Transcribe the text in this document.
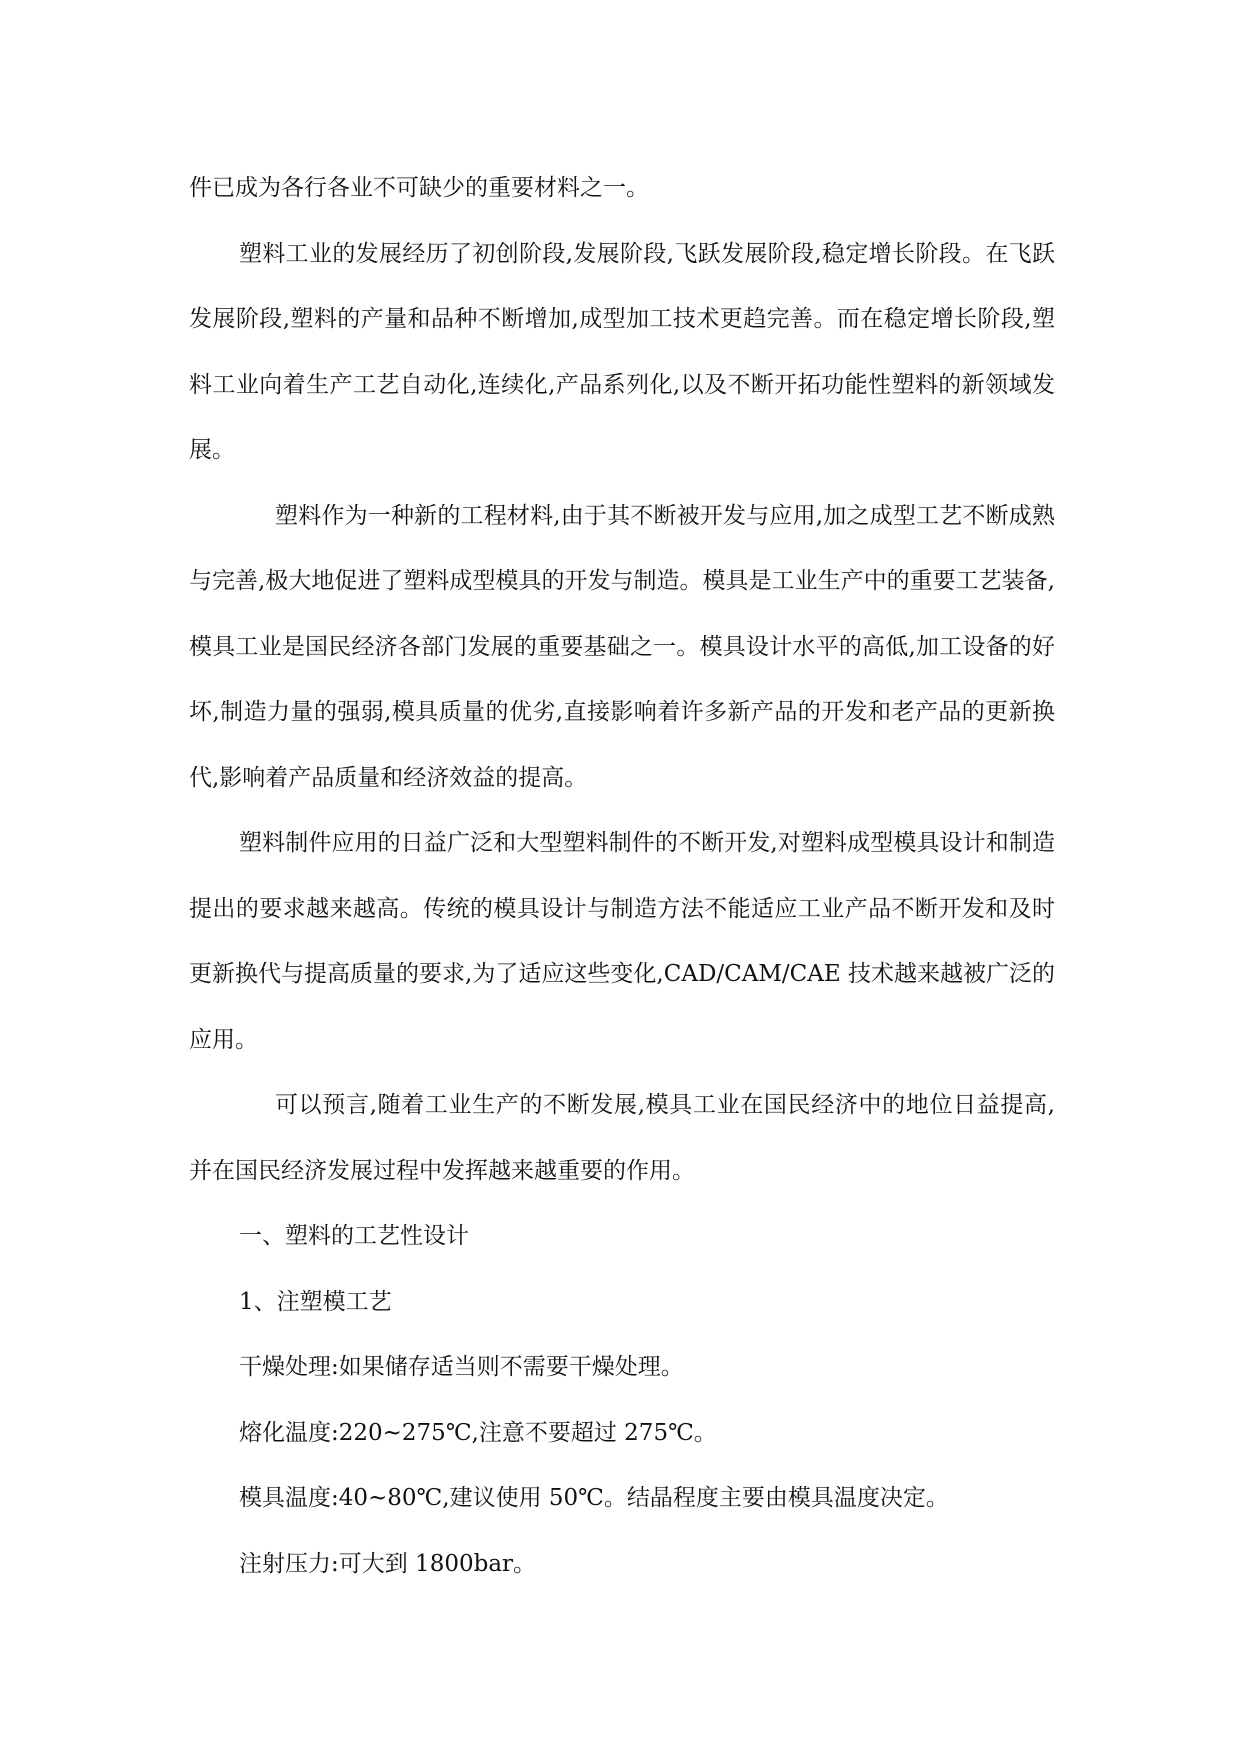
件已成为各行各业不可缺少的重要材料之一。

塑料工业的发展经历了初创阶段,发展阶段,飞跃发展阶段,稳定增长阶段。在飞跃发展阶段,塑料的产量和品种不断增加,成型加工技术更趋完善。而在稳定增长阶段,塑料工业向着生产工艺自动化,连续化,产品系列化,以及不断开拓功能性塑料的新领域发展。

塑料作为一种新的工程材料,由于其不断被开发与应用,加之成型工艺不断成熟与完善,极大地促进了塑料成型模具的开发与制造。模具是工业生产中的重要工艺装备,模具工业是国民经济各部门发展的重要基础之一。模具设计水平的高低,加工设备的好坏,制造力量的强弱,模具质量的优劣,直接影响着许多新产品的开发和老产品的更新换代,影响着产品质量和经济效益的提高。

塑料制件应用的日益广泛和大型塑料制件的不断开发,对塑料成型模具设计和制造提出的要求越来越高。传统的模具设计与制造方法不能适应工业产品不断开发和及时更新换代与提高质量的要求,为了适应这些变化,CAD/CAM/CAE 技术越来越被广泛的应用。

可以预言,随着工业生产的不断发展,模具工业在国民经济中的地位日益提高,并在国民经济发展过程中发挥越来越重要的作用。

一、塑料的工艺性设计

1、注塑模工艺

干燥处理:如果储存适当则不需要干燥处理。

熔化温度:220~275℃,注意不要超过 275℃。

模具温度:40~80℃,建议使用 50℃。结晶程度主要由模具温度决定。

注射压力:可大到 1800bar。
